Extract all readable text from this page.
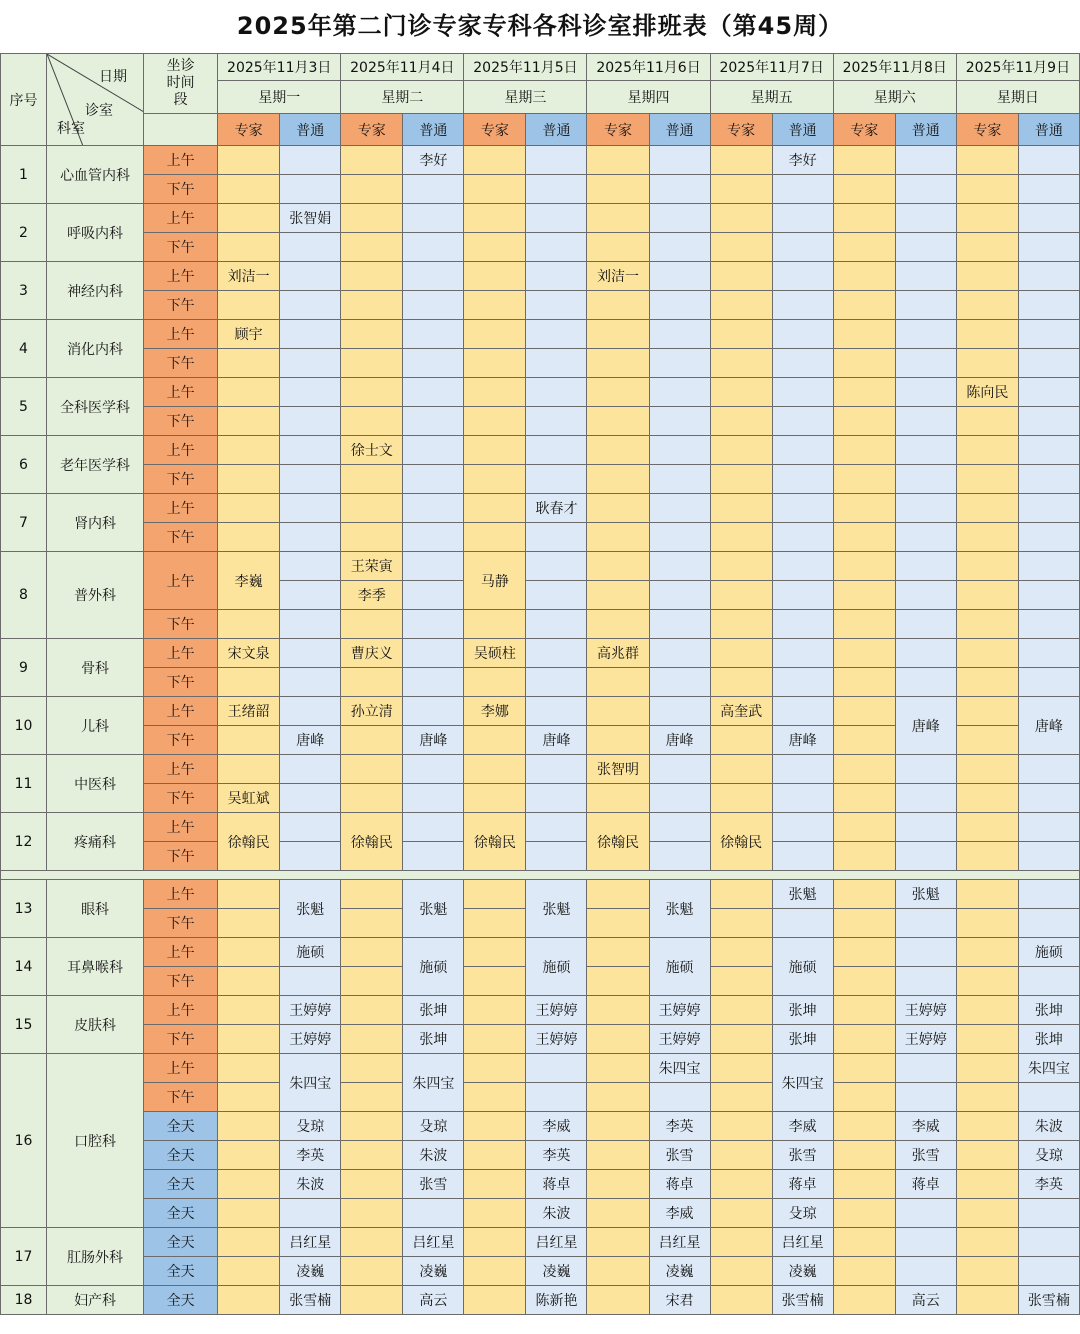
2025年第二门诊专家专科各科诊室排班表（第45周）
序号	日期
诊室
科室	坐诊时间段	2025年11月3日		2025年11月4日		2025年11月5日		2025年11月6日		2025年11月7日		2025年11月8日		2025年11月9日	
			星期一		星期二		星期三		星期四		星期五		星期六		星期日	
			专家	普通	专家	普通	专家	普通	专家	普通	专家	普通	专家	普通	专家	普通
1	心血管内科	上午				李好						李好				
		下午														
2	呼吸内科	上午		张智娟												
		下午														
3	神经内科	上午	刘洁一						刘洁一							
		下午														
4	消化内科	上午	顾宇													
		下午														
5	全科医学科	上午													陈向民	
		下午														
6	老年医学科	上午			徐士文											
		下午														
7	肾内科	上午						耿春才								
		下午														
8	普外科	上午	李巍		王荣寅		马静									
					李季											
		下午														
9	骨科	上午	宋文泉		曹庆义		吴硕柱		高兆群							
		下午														
10	儿科	上午	王绪韶		孙立清		李娜				高奎武			唐峰		唐峰
		下午		唐峰		唐峰		唐峰		唐峰		唐峰				
11	中医科	上午							张智明							
		下午	吴虹斌													
12	疼痛科	上午	徐翰民		徐翰民		徐翰民		徐翰民		徐翰民					
		下午														

13	眼科	上午		张魁		张魁		张魁		张魁		张魁		张魁		
		下午														
14	耳鼻喉科	上午		施硕		施硕		施硕		施硕		施硕				施硕
		下午														
15	皮肤科	上午		王婷婷		张坤		王婷婷		王婷婷		张坤		王婷婷		张坤
		下午		王婷婷		张坤		王婷婷		王婷婷		张坤		王婷婷		张坤
16	口腔科	上午		朱四宝		朱四宝				朱四宝		朱四宝				朱四宝
		下午														
		全天		殳琼		殳琼		李威		李英		李威		李威		朱波
		全天		李英		朱波		李英		张雪		张雪		张雪		殳琼
		全天		朱波		张雪		蒋卓		蒋卓		蒋卓		蒋卓		李英
		全天						朱波		李威		殳琼				
17	肛肠外科	全天		吕红星		吕红星		吕红星		吕红星		吕红星				
		全天		凌巍		凌巍		凌巍		凌巍		凌巍				
18	妇产科	全天		张雪楠		高云		陈新艳		宋君		张雪楠		高云		张雪楠
